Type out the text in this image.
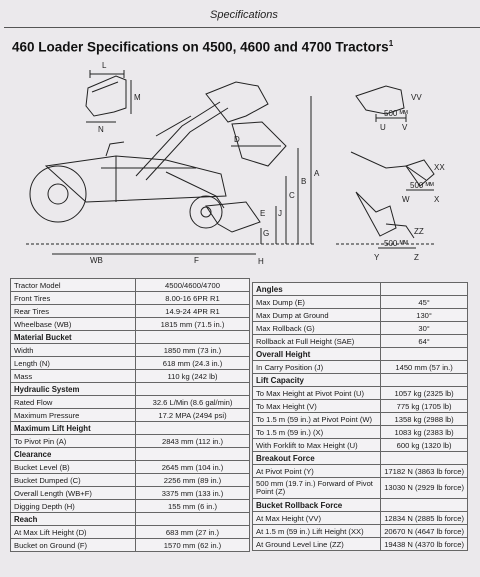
Specifications
460 Loader Specifications on 4500, 4600 and 4700 Tractors$^1$
L
M
N
D
A
B
C
J
G
H
E
F
WB
VV
U V
500 ᴹᴹ
XX
W	X
500 ᴹᴹ
ZZ
Y	Z
500 ᴹᴹ
Tractor Model	4500/4600/4700
Front Tires	8.00-16 6PR R1
Rear Tires	14.9-24 4PR R1
Wheelbase (WB)	1815 mm (71.5 in.)
Material Bucket	
Width	1850 mm (73 in.)
Length (N)	618 mm (24.3 in.)
Mass	110 kg (242 lb)
Hydraulic System	
Rated Flow	32.6 L/Min (8.6 gal/min)
Maximum Pressure	17.2 MPA (2494 psi)
Maximum Lift Height	
To Pivot Pin (A)	2843 mm (112 in.)
Clearance	
Bucket Level (B)	2645 mm (104 in.)
Bucket Dumped (C)	2256 mm (89 in.)
Overall Length (WB+F)	3375 mm (133 in.)
Digging Depth (H)	155 mm (6 in.)
Reach	
At Max Lift Height (D)	683 mm (27 in.)
Bucket on Ground (F)	1570 mm (62 in.)
Angles	
Max Dump (E)	45°
Max Dump at Ground	130°
Max Rollback (G)	30°
Rollback at Full Height (SAE)	64°
Overall Height	
In Carry Position (J)	1450 mm (57 in.)
Lift Capacity	
To Max Height at Pivot Point (U)	1057 kg (2325 lb)
To Max Height (V)	775 kg (1705 lb)
To 1.5 m (59 in.) at Pivot Point (W)	1358 kg (2988 lb)
To 1.5 m (59 in.) (X)	1083 kg (2383 lb)
With Forklift to Max Height (U)	600 kg (1320 lb)
Breakout Force	
At Pivot Point (Y)	17182 N (3863 lb force)
500 mm (19.7 in.) Forward of Pivot Point (Z)	13030 N (2929 lb force)
Bucket Rollback Force	
At Max Height (VV)	12834 N (2885 lb force)
At 1.5 m (59 in.) Lift Height (XX)	20670 N (4647 lb force)
At Ground Level Line (ZZ)	19438 N (4370 lb force)
